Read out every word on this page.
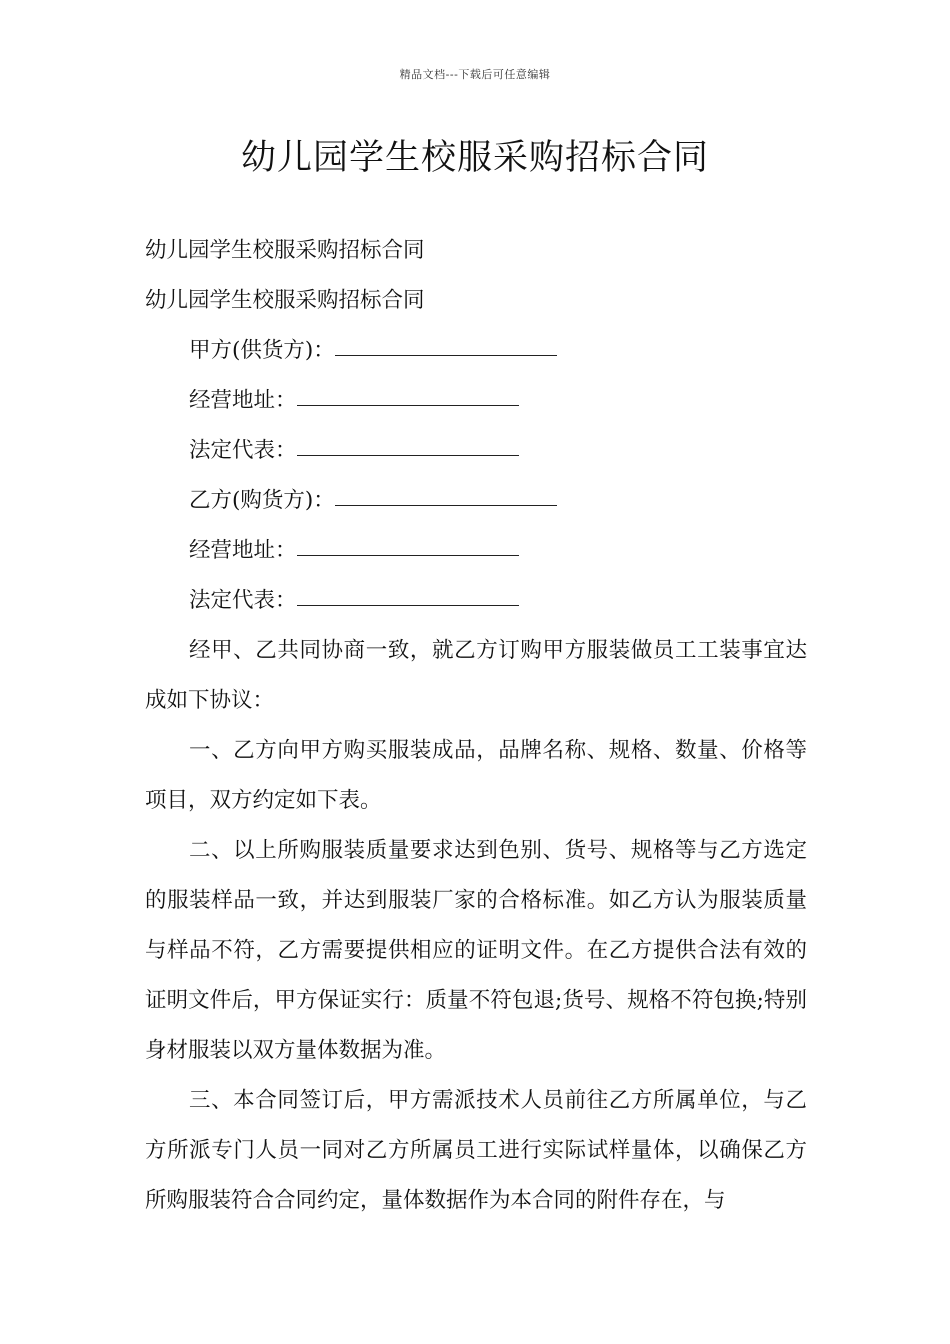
精品文档---下载后可任意编辑
幼儿园学生校服采购招标合同

幼儿园学生校服采购招标合同

幼儿园学生校服采购招标合同

甲方(供货方)：

经营地址：

法定代表：

乙方(购货方)：

经营地址：

法定代表：

经甲、乙共同协商一致，就乙方订购甲方服装做员工工装事宜达成如下协议：

一、乙方向甲方购买服装成品，品牌名称、规格、数量、价格等项目，双方约定如下表。

二、以上所购服装质量要求达到色别、货号、规格等与乙方选定的服装样品一致，并达到服装厂家的合格标准。如乙方认为服装质量与样品不符，乙方需要提供相应的证明文件。在乙方提供合法有效的证明文件后，甲方保证实行：质量不符包退;货号、规格不符包换;特别身材服装以双方量体数据为准。

三、本合同签订后，甲方需派技术人员前往乙方所属单位，与乙方所派专门人员一同对乙方所属员工进行实际试样量体，以确保乙方所购服装符合合同约定，量体数据作为本合同的附件存在，与
